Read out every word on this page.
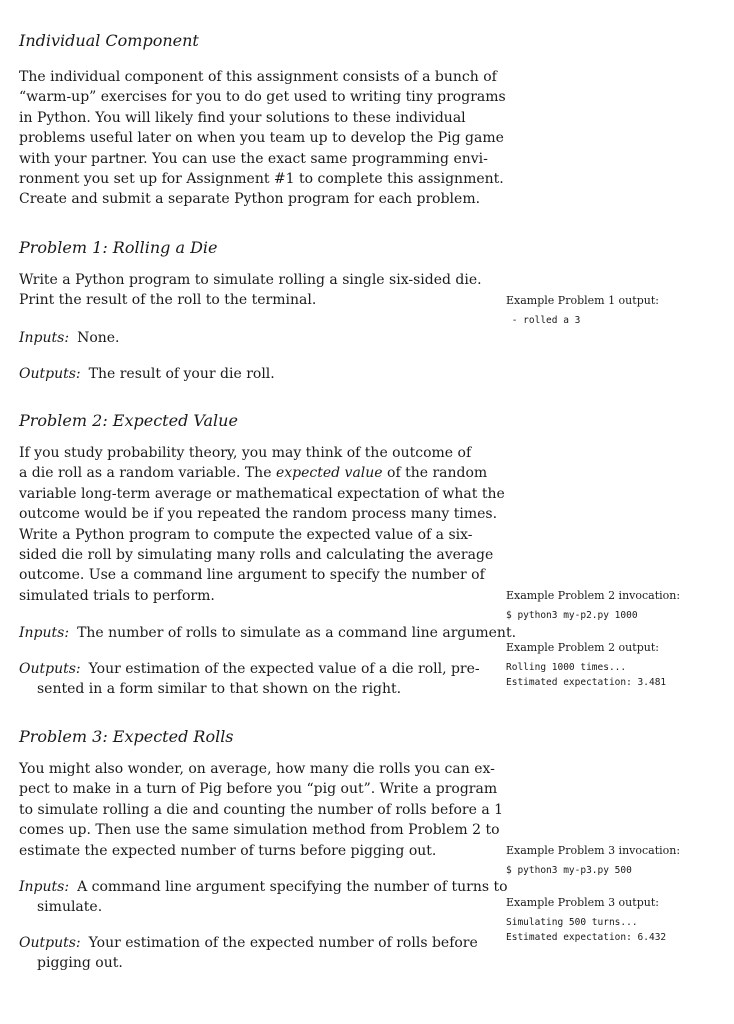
Individual Component
The individual component of this assignment consists of a bunch of
“warm-up” exercises for you to do get used to writing tiny programs
in Python. You will likely find your solutions to these individual
problems useful later on when you team up to develop the Pig game
with your partner. You can use the exact same programming envi-
ronment you set up for Assignment #1 to complete this assignment.
Create and submit a separate Python program for each problem.
Problem 1: Rolling a Die
Write a Python program to simulate rolling a single six-sided die.
Print the result of the roll to the terminal.
Inputs: None.
Outputs: The result of your die roll.
Problem 2: Expected Value
If you study probability theory, you may think of the outcome of
a die roll as a random variable. The expected value of the random
variable long-term average or mathematical expectation of what the
outcome would be if you repeated the random process many times.
Write a Python program to compute the expected value of a six-
sided die roll by simulating many rolls and calculating the average
outcome. Use a command line argument to specify the number of
simulated trials to perform.
Inputs: The number of rolls to simulate as a command line argument.
Outputs: Your estimation of the expected value of a die roll, pre-
sented in a form similar to that shown on the right.
Problem 3: Expected Rolls
You might also wonder, on average, how many die rolls you can ex-
pect to make in a turn of Pig before you “pig out”. Write a program
to simulate rolling a die and counting the number of rolls before a 1
comes up. Then use the same simulation method from Problem 2 to
estimate the expected number of turns before pigging out.
Inputs: A command line argument specifying the number of turns to
simulate.
Outputs: Your estimation of the expected number of rolls before
pigging out.
Example Problem 1 output:
- rolled a 3
Example Problem 2 invocation:
$ python3 my-p2.py 1000
Example Problem 2 output:
Rolling 1000 times...
Estimated expectation: 3.481
Example Problem 3 invocation:
$ python3 my-p3.py 500
Example Problem 3 output:
Simulating 500 turns...
Estimated expectation: 6.432
